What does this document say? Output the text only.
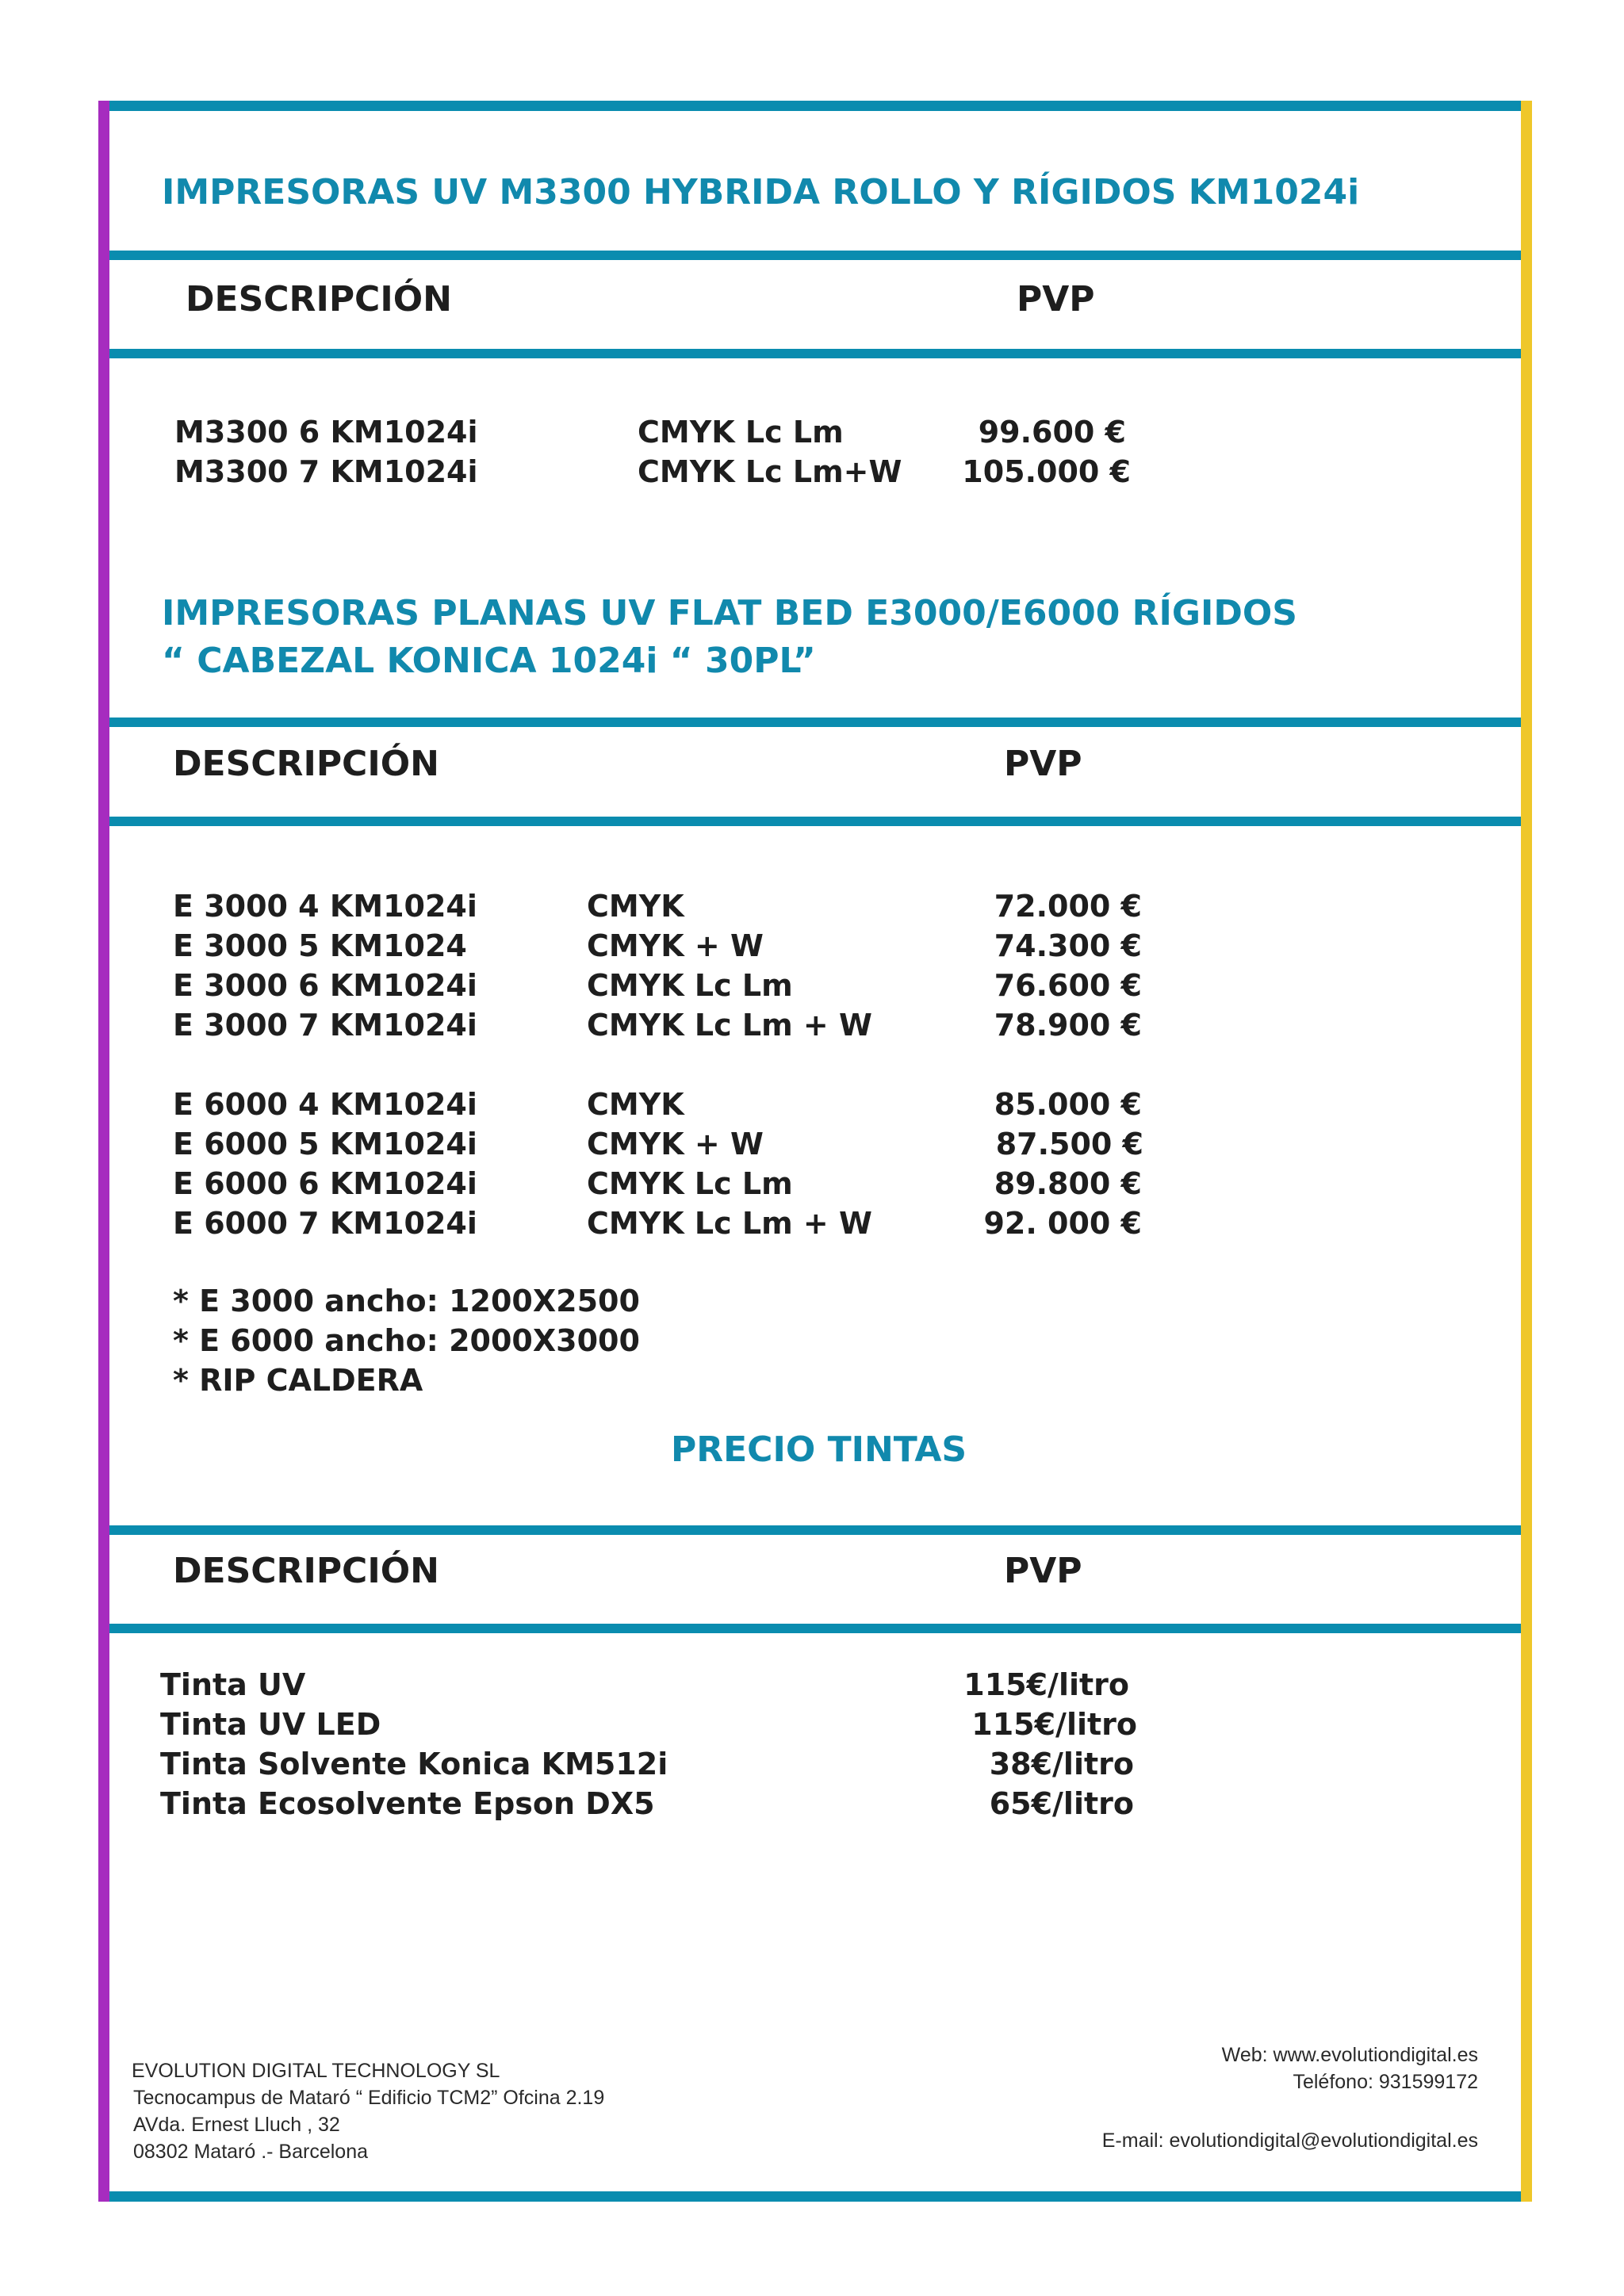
IMPRESORAS UV M3300 HYBRIDA ROLLO Y RÍGIDOS KM1024i
DESCRIPCIÓN	PVP
M3300 6 KM1024i	CMYK Lc Lm	99.600 €
M3300 7 KM1024i	CMYK Lc Lm+W	105.000 €
IMPRESORAS PLANAS UV FLAT BED E3000/E6000 RÍGIDOS
“ CABEZAL KONICA 1024i “ 30PL”
DESCRIPCIÓN	PVP
E 3000 4 KM1024i	CMYK	72.000 €
E 3000 5 KM1024	CMYK + W	74.300 €
E 3000 6 KM1024i	CMYK Lc Lm	76.600 €
E 3000 7 KM1024i	CMYK Lc Lm + W	78.900 €
E 6000 4 KM1024i	CMYK	85.000 €
E 6000 5 KM1024i	CMYK + W	87.500 €
E 6000 6 KM1024i	CMYK Lc Lm	89.800 €
E 6000 7 KM1024i	CMYK Lc Lm + W	92. 000 €
* E 3000 ancho: 1200X2500
* E 6000 ancho: 2000X3000
* RIP CALDERA
PRECIO TINTAS
DESCRIPCIÓN	PVP
Tinta UV	115€/litro
Tinta UV LED	115€/litro
Tinta Solvente Konica KM512i	38€/litro
Tinta Ecosolvente Epson DX5	65€/litro
EVOLUTION DIGITAL TECHNOLOGY SL
Tecnocampus de Mataró “ Edificio TCM2” Ofcina 2.19
AVda. Ernest Lluch , 32
08302 Mataró .- Barcelona
Web: www.evolutiondigital.es
Teléfono: 931599172
E-mail: evolutiondigital@evolutiondigital.es
